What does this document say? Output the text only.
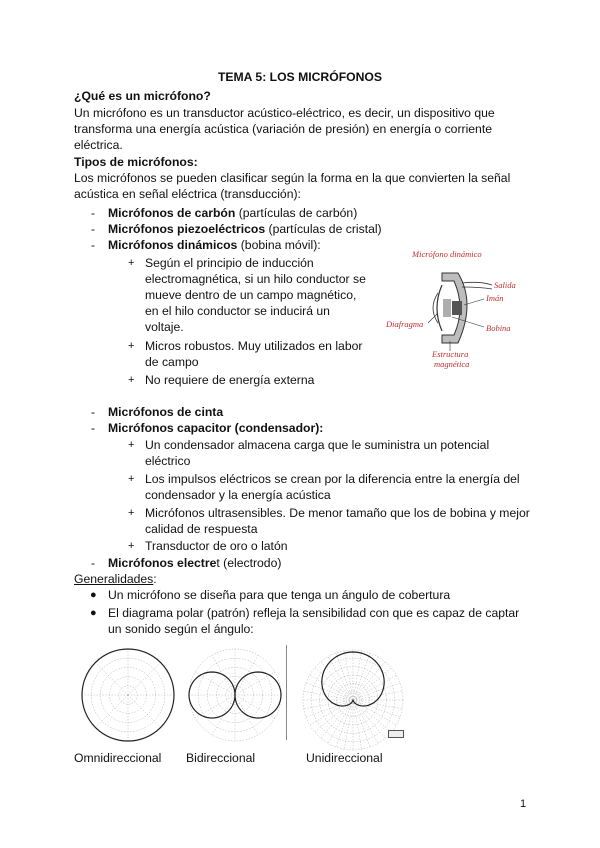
TEMA 5: LOS MICRÓFONOS
¿Qué es un micrófono?
Un micrófono es un transductor acústico-eléctrico, es decir, un dispositivo que
transforma una energía acústica (variación de presión) en energía o corriente
eléctrica.
Tipos de micrófonos:
Los micrófonos se pueden clasificar según la forma en la que convierten la señal
acústica en señal eléctrica (transducción):
- Micrófonos de carbón (partículas de carbón)
- Micrófonos piezoeléctricos (partículas de cristal)
- Micrófonos dinámicos (bobina móvil):
+ Según el principio de inducción
electromagnética, si un hilo conductor se
mueve dentro de un campo magnético,
en el hilo conductor se inducirá un
voltaje.
+ Micros robustos. Muy utilizados en labor
de campo
+ No requiere de energía externa
Micrófono dinámico
Salida
Imán
Diafragma	Bobina
Estructura
magnética
- Micrófonos de cinta
- Micrófonos capacitor (condensador):
+ Un condensador almacena carga que le suministra un potencial
eléctrico
+ Los impulsos eléctricos se crean por la diferencia entre la energía del
condensador y la energía acústica
+ Micrófonos ultrasensibles. De menor tamaño que los de bobina y mejor
calidad de respuesta
+ Transductor de oro o latón
- Micrófonos electret (electrodo)
Generalidades:
● Un micrófono se diseña para que tenga un ángulo de cobertura
● El diagrama polar (patrón) refleja la sensibilidad con que es capaz de captar
un sonido según el ángulo:
Omnidireccional Bidireccional	Unidireccional
1
